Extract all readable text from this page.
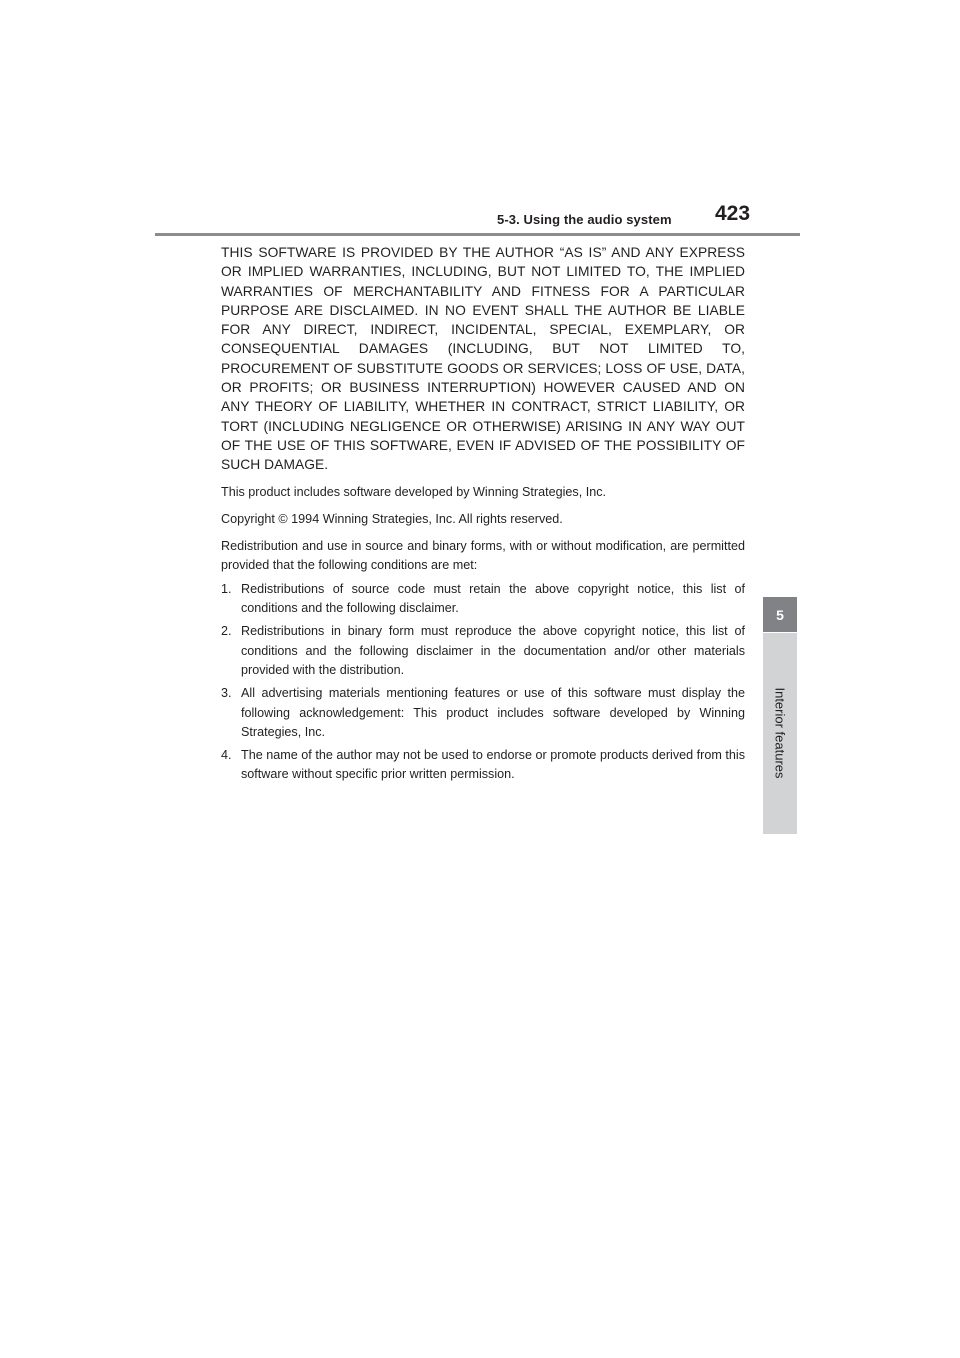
5-3. Using the audio system 423
5
Interior features

THIS SOFTWARE IS PROVIDED BY THE AUTHOR “AS IS” AND ANY EXPRESS OR IMPLIED WARRANTIES, INCLUDING, BUT NOT LIMITED TO, THE IMPLIED WARRANTIES OF MERCHANTABILITY AND FITNESS FOR A PARTICULAR PURPOSE ARE DISCLAIMED. IN NO EVENT SHALL THE AUTHOR BE LIABLE FOR ANY DIRECT, INDIRECT, INCIDENTAL, SPECIAL, EXEMPLARY, OR CONSEQUENTIAL DAMAGES (INCLUDING, BUT NOT LIMITED TO, PROCUREMENT OF SUBSTITUTE GOODS OR SERVICES; LOSS OF USE, DATA, OR PROFITS; OR BUSINESS INTERRUPTION) HOWEVER CAUSED AND ON ANY THEORY OF LIABILITY, WHETHER IN CONTRACT, STRICT LIABILITY, OR TORT (INCLUDING NEGLIGENCE OR OTHERWISE) ARISING IN ANY WAY OUT OF THE USE OF THIS SOFTWARE, EVEN IF ADVISED OF THE POSSIBILITY OF SUCH DAMAGE.

This product includes software developed by Winning Strategies, Inc.

Copyright © 1994 Winning Strategies, Inc. All rights reserved.

Redistribution and use in source and binary forms, with or without modification, are permitted provided that the following conditions are met:

1. Redistributions of source code must retain the above copyright notice, this list of conditions and the following disclaimer.
2. Redistributions in binary form must reproduce the above copyright notice, this list of conditions and the following disclaimer in the documentation and/or other materials provided with the distribution.
3. All advertising materials mentioning features or use of this software must display the following acknowledgement: This product includes software developed by Winning Strategies, Inc.
4. The name of the author may not be used to endorse or promote products derived from this software without specific prior written permission.
